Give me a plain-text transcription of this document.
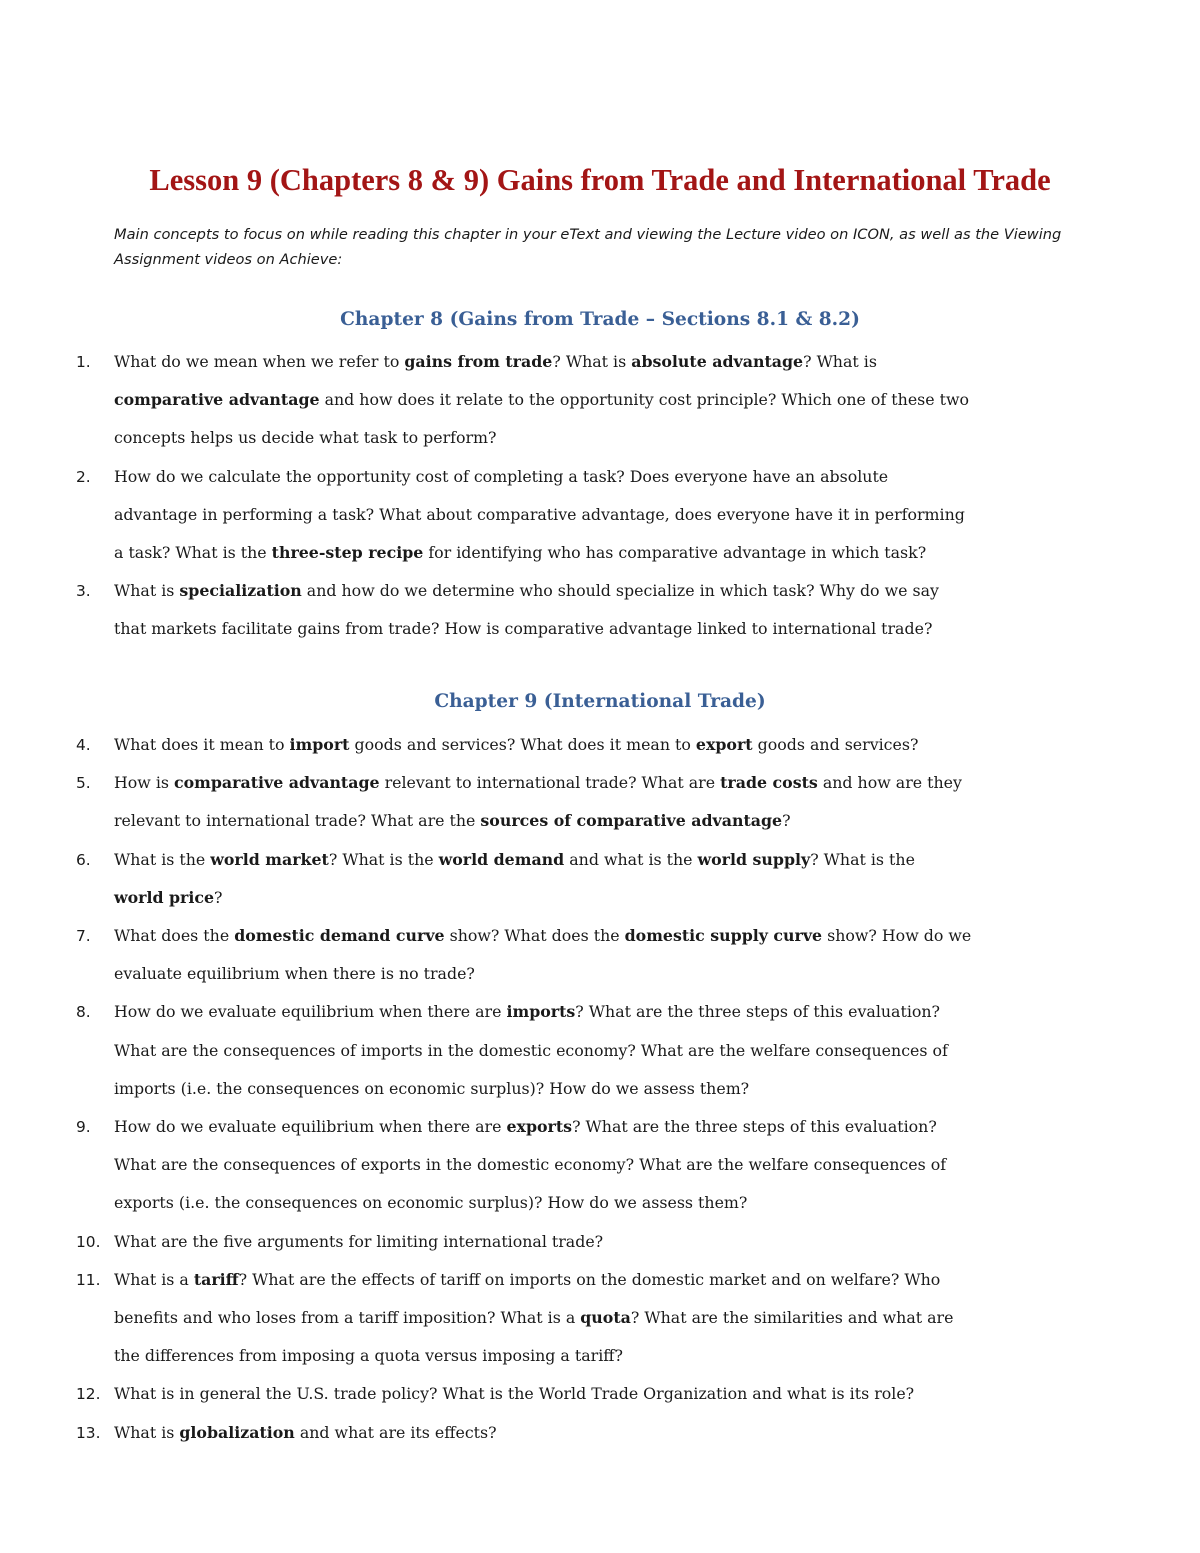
Lesson 9 (Chapters 8 & 9) Gains from Trade and International Trade

Main concepts to focus on while reading this chapter in your eText and viewing the Lecture video on ICON, as well as the Viewing Assignment videos on Achieve:

Chapter 8 (Gains from Trade – Sections 8.1 & 8.2)
1. What do we mean when we refer to gains from trade? What is absolute advantage? What is
comparative advantage and how does it relate to the opportunity cost principle? Which one of these two
concepts helps us decide what task to perform?
2. How do we calculate the opportunity cost of completing a task? Does everyone have an absolute
advantage in performing a task? What about comparative advantage, does everyone have it in performing
a task? What is the three-step recipe for identifying who has comparative advantage in which task?
3. What is specialization and how do we determine who should specialize in which task? Why do we say
that markets facilitate gains from trade? How is comparative advantage linked to international trade?
Chapter 9 (International Trade)
4. What does it mean to import goods and services? What does it mean to export goods and services?
5. How is comparative advantage relevant to international trade? What are trade costs and how are they
relevant to international trade? What are the sources of comparative advantage?
6. What is the world market? What is the world demand and what is the world supply? What is the
world price?
7. What does the domestic demand curve show? What does the domestic supply curve show? How do we
evaluate equilibrium when there is no trade?
8. How do we evaluate equilibrium when there are imports? What are the three steps of this evaluation?
What are the consequences of imports in the domestic economy? What are the welfare consequences of
imports (i.e. the consequences on economic surplus)? How do we assess them?
9. How do we evaluate equilibrium when there are exports? What are the three steps of this evaluation?
What are the consequences of exports in the domestic economy? What are the welfare consequences of
exports (i.e. the consequences on economic surplus)? How do we assess them?
10. What are the five arguments for limiting international trade?
11. What is a tariff? What are the effects of tariff on imports on the domestic market and on welfare? Who
benefits and who loses from a tariff imposition? What is a quota? What are the similarities and what are
the differences from imposing a quota versus imposing a tariff?
12. What is in general the U.S. trade policy? What is the World Trade Organization and what is its role?
13. What is globalization and what are its effects?
